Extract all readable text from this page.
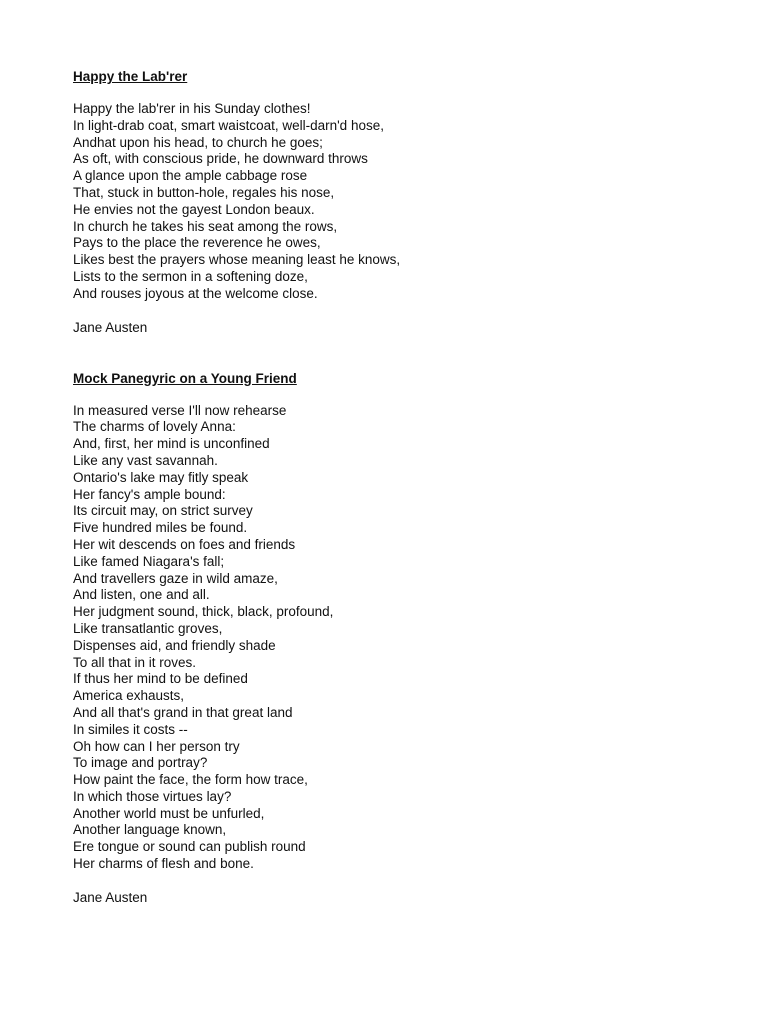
Happy the Lab'rer
Happy the lab'rer in his Sunday clothes!
In light-drab coat, smart waistcoat, well-darn'd hose,
Andhat upon his head, to church he goes;
As oft, with conscious pride, he downward throws
A glance upon the ample cabbage rose
That, stuck in button-hole, regales his nose,
He envies not the gayest London beaux.
In church he takes his seat among the rows,
Pays to the place the reverence he owes,
Likes best the prayers whose meaning least he knows,
Lists to the sermon in a softening doze,
And rouses joyous at the welcome close.
Jane Austen
Mock Panegyric on a Young Friend
In measured verse I'll now rehearse
The charms of lovely Anna:
And, first, her mind is unconfined
Like any vast savannah.
Ontario's lake may fitly speak
Her fancy's ample bound:
Its circuit may, on strict survey
Five hundred miles be found.
Her wit descends on foes and friends
Like famed Niagara's fall;
And travellers gaze in wild amaze,
And listen, one and all.
Her judgment sound, thick, black, profound,
Like transatlantic groves,
Dispenses aid, and friendly shade
To all that in it roves.
If thus her mind to be defined
America exhausts,
And all that's grand in that great land
In similes it costs --
Oh how can I her person try
To image and portray?
How paint the face, the form how trace,
In which those virtues lay?
Another world must be unfurled,
Another language known,
Ere tongue or sound can publish round
Her charms of flesh and bone.
Jane Austen
